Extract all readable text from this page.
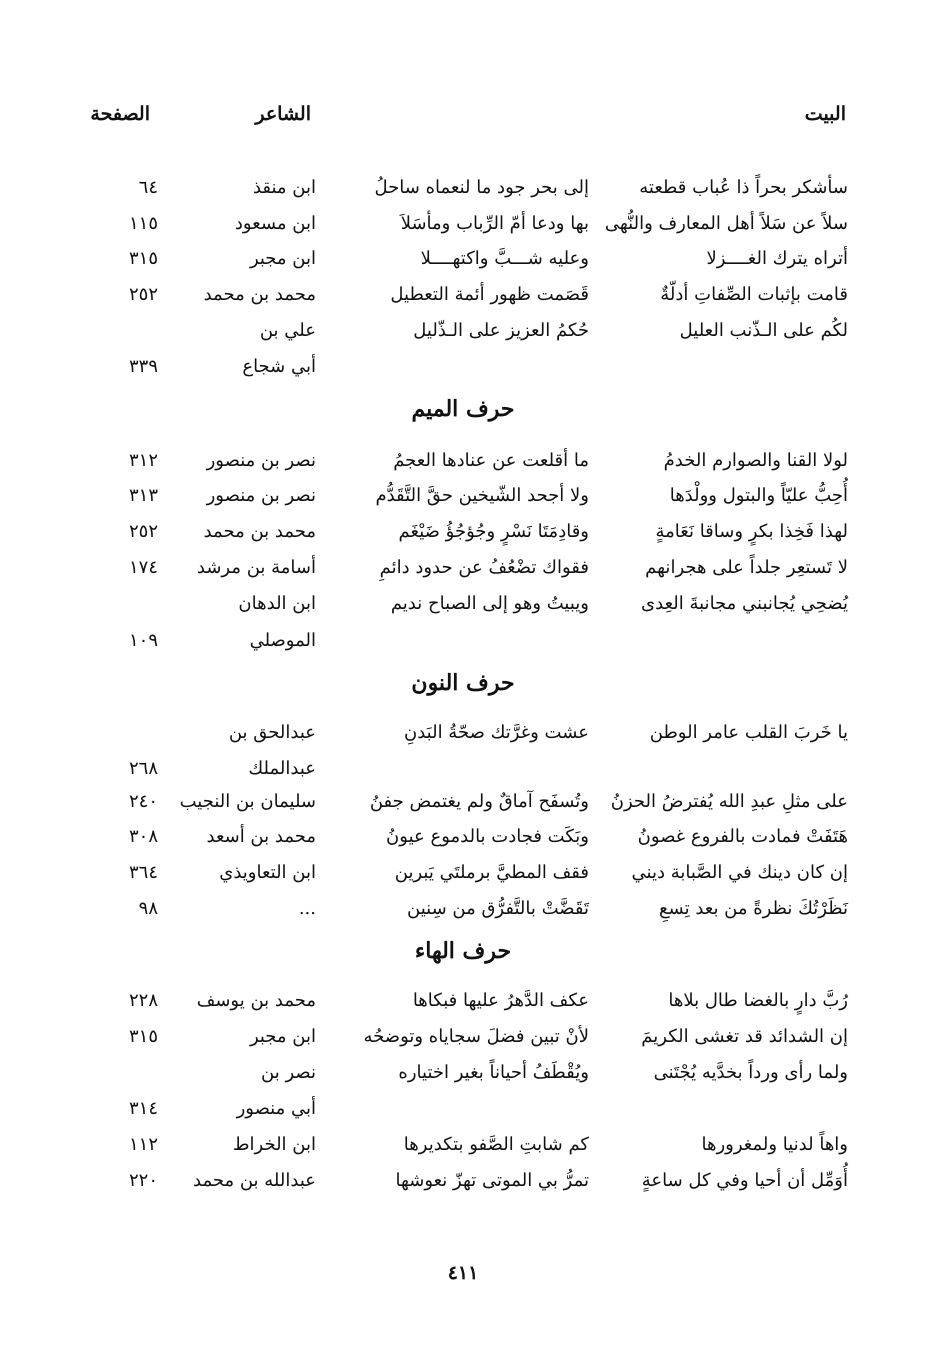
البيت
الشاعر
الصفحة
سأشكر بحراً ذا عُباب قطعته
إلى بحر جود ما لنعماه ساحلُ
ابن منقذ
٦٤
سلاً عن سَلاً أهل المعارف والنُّهى
بها ودعا أمّ الرِّباب ومأسَلاَ
ابن مسعود
١١٥
أتراه يترك الغــــزلا
وعليه شـــبَّ واكتهــــلا
ابن مجبر
٣١٥
قامت بإثبات الصِّفاتِ أدلّةٌ
قَصَمت ظهور أئمة التعطيل
محمد بن محمد
٢٥٢
لكُم على الـذّنب العليل
حُكمُ العزيز على الـذّليل
علي بن
أبي شجاع
٣٣٩
حرف الميم
لولا القنا والصوارم الخدمُ
ما أقلعت عن عنادها العجمُ
نصر بن منصور
٣١٢
أُحِبُّ عليّاً والبتول وولْدَها
ولا أجحد الشّيخين حقَّ التَّقَدُّم
نصر بن منصور
٣١٣
لهذا فَخِذا بكرٍ وساقا نَعَامةٍ
وقادِمَتَا نَسْرٍ وجُؤجُؤُ ضَيْغَم
محمد بن محمد
٢٥٢
لا تَستعِر جلداً على هجرانهم
فقواك تضْعُفُ عن حدود دائمِ
أسامة بن مرشد
١٧٤
يُضحِي يُجانبني مجانبةَ العِدى
ويبيتُ وهو إلى الصباح نديم
ابن الدهان
الموصلي
١٠٩
حرف النون
يا خَربَ القلب عامر الوطن
عشت وغرَّتك صحّةُ البَدنِ
عبدالحق بن
عبدالملك
٢٦٨
على مثلِ عبدِ الله يُفترضُ الحزنُ
وتُسفَح آماقٌ ولم يغتمض جفنُ
سليمان بن النجيب
٢٤٠
هَتَفَتْ فمادت بالفروع غصونُ
وبَكَت فجادت بالدموع عيونُ
محمد بن أسعد
٣٠٨
إن كان دينك في الصَّبابة ديني
فقف المطيَّ برملتَي يَبرين
ابن التعاويذي
٣٦٤
نَظَرْتُكَ نظرةً من بعد تِسعِ
تَقَضَّتْ بالتَّفرُّق من سِنين
...
٩٨
حرف الهاء
رُبَّ دارٍ بالغضا طال بلاها
عكف الدَّهرُ عليها فبكاها
محمد بن يوسف
٢٢٨
إن الشدائد قد تغشى الكريمَ
لأنْ تبين فضلَ سجاياه وتوضحُه
ابن مجبر
٣١٥
ولما رأى ورداً بخدَّيه يُجْتَنى
ويُقْطَفُ أحياناً بغير اختياره
نصر بن
أبي منصور
٣١٤
واهاً لدنيا ولمغرورها
كم شابتِ الصَّفو بتكديرها
ابن الخراط
١١٢
أُوَمِّل أن أحيا وفي كل ساعةٍ
تمرُّ بي الموتى تهزّ نعوشها
عبدالله بن محمد
٢٢٠
٤١١
